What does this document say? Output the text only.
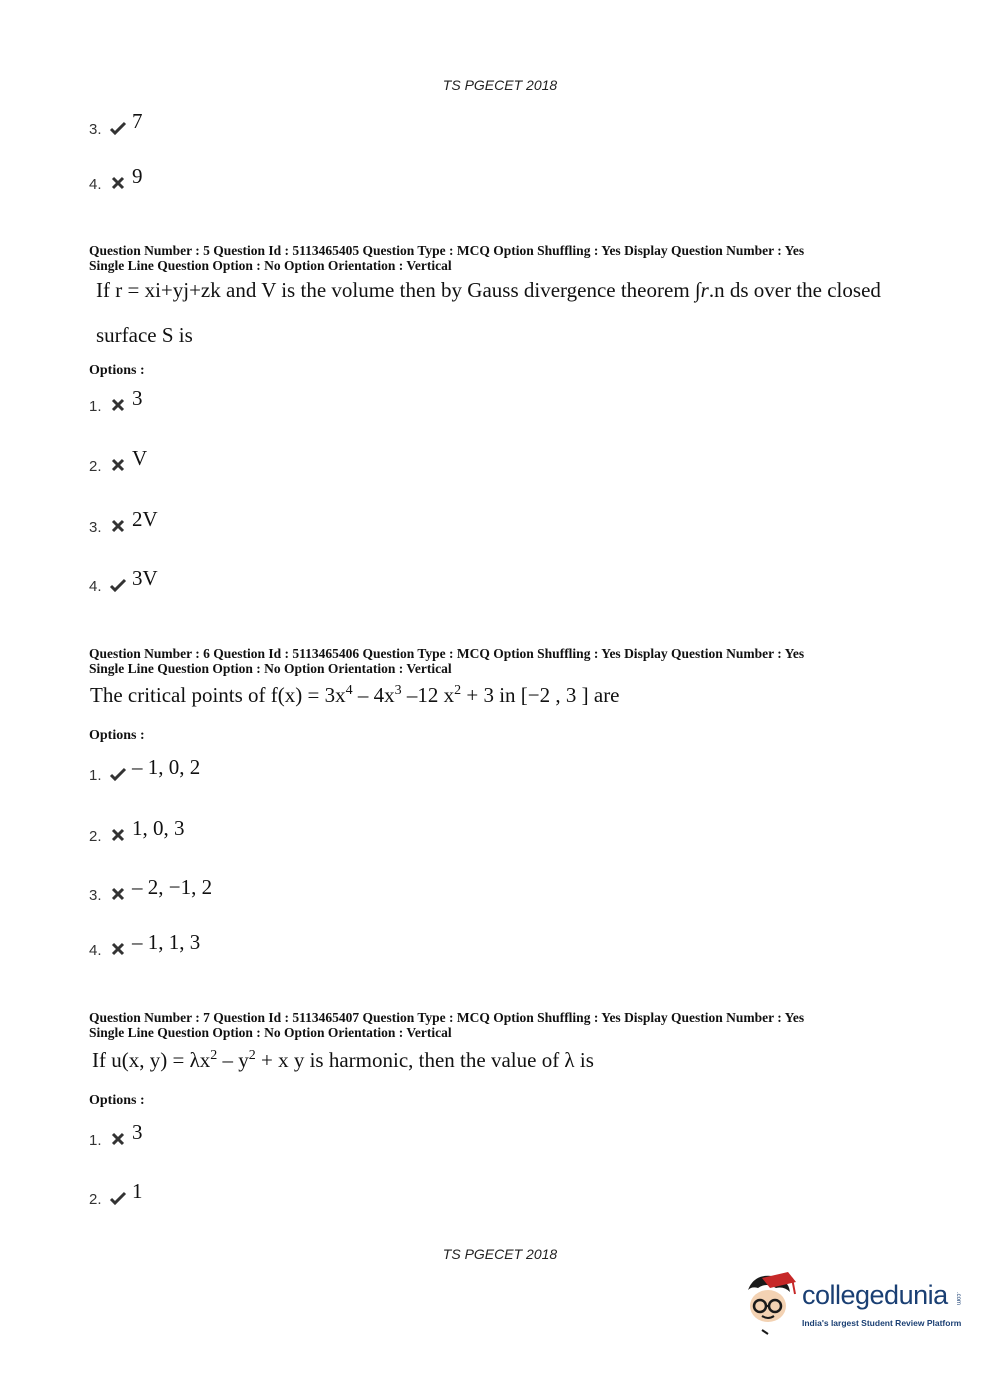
TS PGECET 2018
3.	7
4.	9
Question Number : 5 Question Id : 5113465405 Question Type : MCQ Option Shuffling : Yes Display Question Number : Yes
Single Line Question Option : No Option Orientation : Vertical
If r = xi+yj+zk and V is the volume then by Gauss divergence theorem ∫r.n ds over the closed
surface S is
Options :
1.	3
2.	V
3.	2V
4.	3V
Question Number : 6 Question Id : 5113465406 Question Type : MCQ Option Shuffling : Yes Display Question Number : Yes
Single Line Question Option : No Option Orientation : Vertical
The critical points of $f(x) = 3x^4 - 4x^3$ –12 $x^2 + 3$ in [−2 , 3 ] are
Options :
1.	– 1, 0, 2
2.	1, 0, 3
3.	– 2, −1, 2
4.	– 1, 1, 3
Question Number : 7 Question Id : 5113465407 Question Type : MCQ Option Shuffling : Yes Display Question Number : Yes
Single Line Question Option : No Option Orientation : Vertical
If u(x, $y) = \lambda x^2 - y^2 + x$ y is harmonic, then the value of λ is
Options :
1.	3
2.	1
TS PGECET 2018
collegedunia .com
India's largest Student Review Platform
